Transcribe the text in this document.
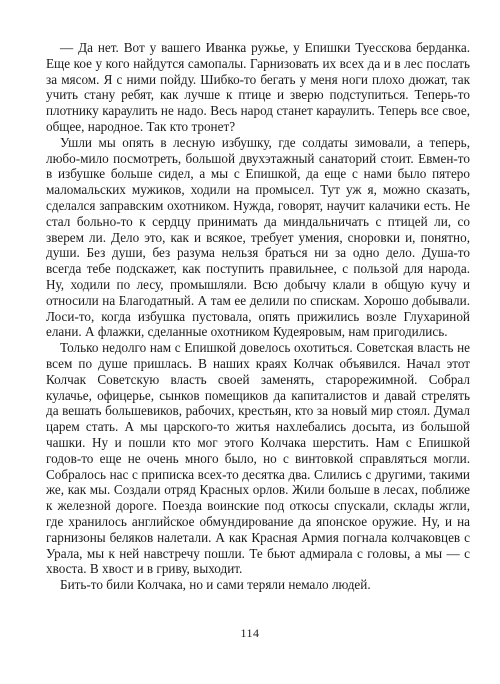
— Да нет. Вот у вашего Иванка ружье, у Епишки Туесскова берданка. Еще кое у кого найдутся самопалы. Гарнизовать их всех да и в лес послать за мясом. Я с ними пойду. Шибко-то бегать у меня ноги плохо дюжат, так учить стану ребят, как лучше к птице и зверю подступиться. Теперь-то плотнику караулить не надо. Весь народ станет караулить. Теперь все свое, общее, народное. Так кто тронет?

Ушли мы опять в лесную избушку, где солдаты зимовали, а теперь, любо-мило посмотреть, большой двухэтажный санаторий стоит. Евмен-то в избушке больше сидел, а мы с Епишкой, да еще с нами было пятеро маломальских мужиков, ходили на промысел. Тут уж я, можно сказать, сделался заправским охотником. Нужда, говорят, научит калачики есть. Не стал больно-то к сердцу принимать да миндальничать с птицей ли, со зверем ли. Дело это, как и всякое, требует умения, сноровки и, понятно, души. Без души, без разума нельзя браться ни за одно дело. Душа-то всегда тебе подскажет, как поступить правильнее, с пользой для народа. Ну, ходили по лесу, промышляли. Всю добычу клали в общую кучу и относили на Благодатный. А там ее делили по спискам. Хорошо добывали. Лоси-то, когда избушка пустовала, опять прижились возле Глухариной елани. А флажки, сделанные охотником Кудеяровым, нам пригодились.

Только недолго нам с Епишкой довелось охотиться. Советская власть не всем по душе пришлась. В наших краях Колчак объявился. Начал этот Колчак Советскую власть своей заменять, старорежимной. Собрал кулачье, офицерье, сынков помещиков да капиталистов и давай стрелять да вешать большевиков, рабочих, крестьян, кто за новый мир стоял. Думал царем стать. А мы царского-то житья нахлебались досыта, из большой чашки. Ну и пошли кто мог этого Колчака шерстить. Нам с Епишкой годов-то еще не очень много было, но с винтовкой справляться могли. Собралось нас с приписка всех-то десятка два. Слились с другими, такими же, как мы. Создали отряд Красных орлов. Жили больше в лесах, поближе к железной дорогe. Поезда воинские под откосы спускали, склады жгли, где хранилось английское обмундирование да японское оружие. Ну, и на гарнизоны беляков налетали. А как Красная Армия погнала колчаковцев с Урала, мы к ней навстречу пошли. Те бьют адмирала с головы, а мы — с хвоста. В хвост и в гриву, выходит.

Бить-то били Колчака, но и сами теряли немало людей.

114
